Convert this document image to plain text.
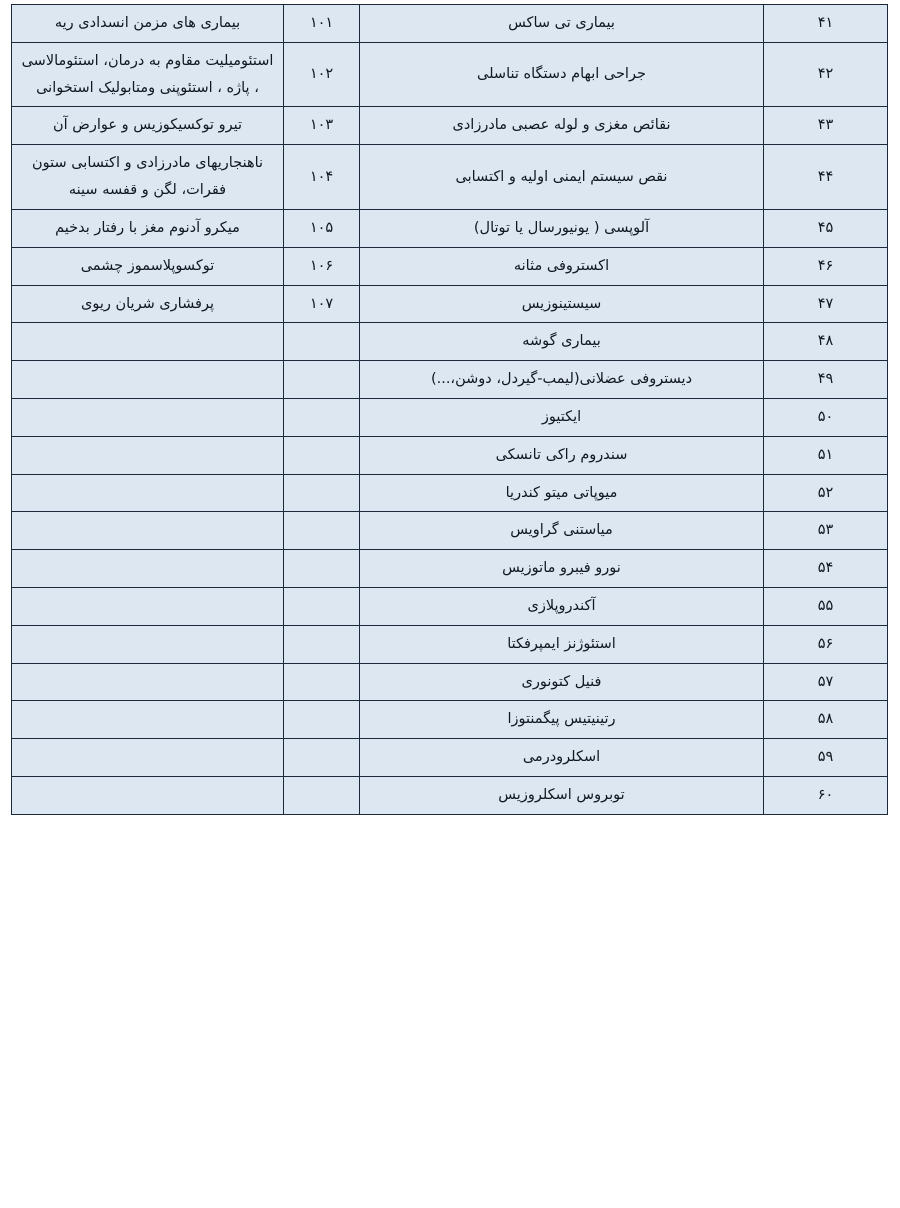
۴۱	بیماری تی ساکس	۱۰۱	بیماری های مزمن انسدادی ریه
۴۲	جراحی ابهام دستگاه تناسلی	۱۰۲	استئومیلیت مقاوم به درمان، استئومالاسی ، پاژه ، استئوپنی ومتابولیک استخوانی
۴۳	نقائص مغزی و لوله عصبی مادرزادی	۱۰۳	تیرو توکسیکوزیس و عوارض آن
۴۴	نقص سیستم ایمنی اولیه و اکتسابی	۱۰۴	ناهنجاریهای مادرزادی و اکتسابی ستون فقرات، لگن و قفسه سینه
۴۵	آلوپسی ( یونیورسال یا توتال)	۱۰۵	میکرو آدنوم مغز با رفتار بدخیم
۴۶	اکستروفی مثانه	۱۰۶	توکسوپلاسموز چشمی
۴۷	سیستینوزیس	۱۰۷	پرفشاری شریان ریوی
۴۸	بیماری گوشه		
۴۹	دیستروفی عضلانی(لیمب-گیردل، دوشن،...)		
۵۰	ایکتیوز		
۵۱	سندروم راکی تانسکی		
۵۲	میوپاتی میتو کندریا		
۵۳	میاستنی گراویس		
۵۴	نورو فیبرو ماتوزیس		
۵۵	آکندروپلازی		
۵۶	استئوژنز ایمپرفکتا		
۵۷	فنیل کتونوری		
۵۸	رتینیتیس پیگمنتوزا		
۵۹	اسکلرودرمی		
۶۰	توبروس اسکلروزیس		
